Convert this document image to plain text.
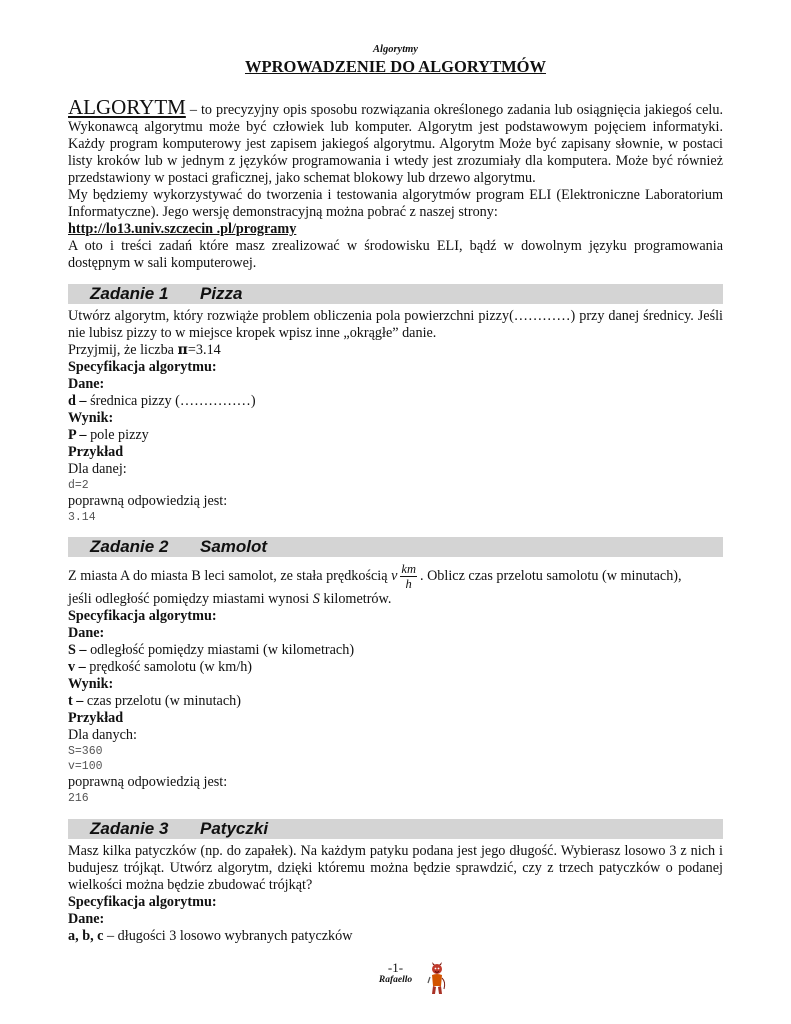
Algorytmy
WPROWADZENIE DO ALGORYTMÓW

ALGORYTM – to precyzyjny opis sposobu rozwiązania określonego zadania lub osiągnięcia jakiegoś celu. Wykonawcą algorytmu może być człowiek lub komputer. Algorytm jest podstawowym pojęciem informatyki. Każdy program komputerowy jest zapisem jakiegoś algorytmu. Algorytm Może być zapisany słownie, w postaci listy kroków lub w jednym z języków programowania i wtedy jest zrozumiały dla komputera. Może być również przedstawiony w postaci graficznej, jako schemat blokowy lub drzewo algorytmu.

My będziemy wykorzystywać do tworzenia i testowania algorytmów program ELI (Elektroniczne Laboratorium Informatyczne). Jego wersję demonstracyjną można pobrać z naszej strony:

http://lo13.univ.szczecin .pl/programy

A oto i treści zadań które masz zrealizować w środowisku ELI, bądź w dowolnym języku programowania dostępnym w sali komputerowej.

Zadanie 1 Pizza

Utwórz algorytm, który rozwiąże problem obliczenia pola powierzchni pizzy(…………) przy danej średnicy. Jeśli nie lubisz pizzy to w miejsce kropek wpisz inne „okrągłe” danie.

Przyjmij, że liczba π=3.14

Specyfikacja algorytmu:

Dane:

d – średnica pizzy (……………)

Wynik:

P – pole pizzy

Przykład

Dla danej:

d=2

poprawną odpowiedzią jest:

3.14

Zadanie 2 Samolot

Z miasta A do miasta B leci samolot, ze stała prędkością v $\frac{km}{h}$ . Oblicz czas przelotu samolotu (w minutach),

jeśli odległość pomiędzy miastami wynosi S kilometrów.

Specyfikacja algorytmu:

Dane:

S – odległość pomiędzy miastami (w kilometrach)

v – prędkość samolotu (w km/h)

Wynik:

t – czas przelotu (w minutach)

Przykład

Dla danych:

S=360

v=100

poprawną odpowiedzią jest:

216

Zadanie 3 Patyczki

Masz kilka patyczków (np. do zapałek). Na każdym patyku podana jest jego długość. Wybierasz losowo 3 z nich i budujesz trójkąt. Utwórz algorytm, dzięki któremu można będzie sprawdzić, czy z trzech patyczków o podanej wielkości można będzie zbudować trójkąt?

Specyfikacja algorytmu:

Dane:

a, b, c – długości 3 losowo wybranych patyczków

-1-
Rafaello
